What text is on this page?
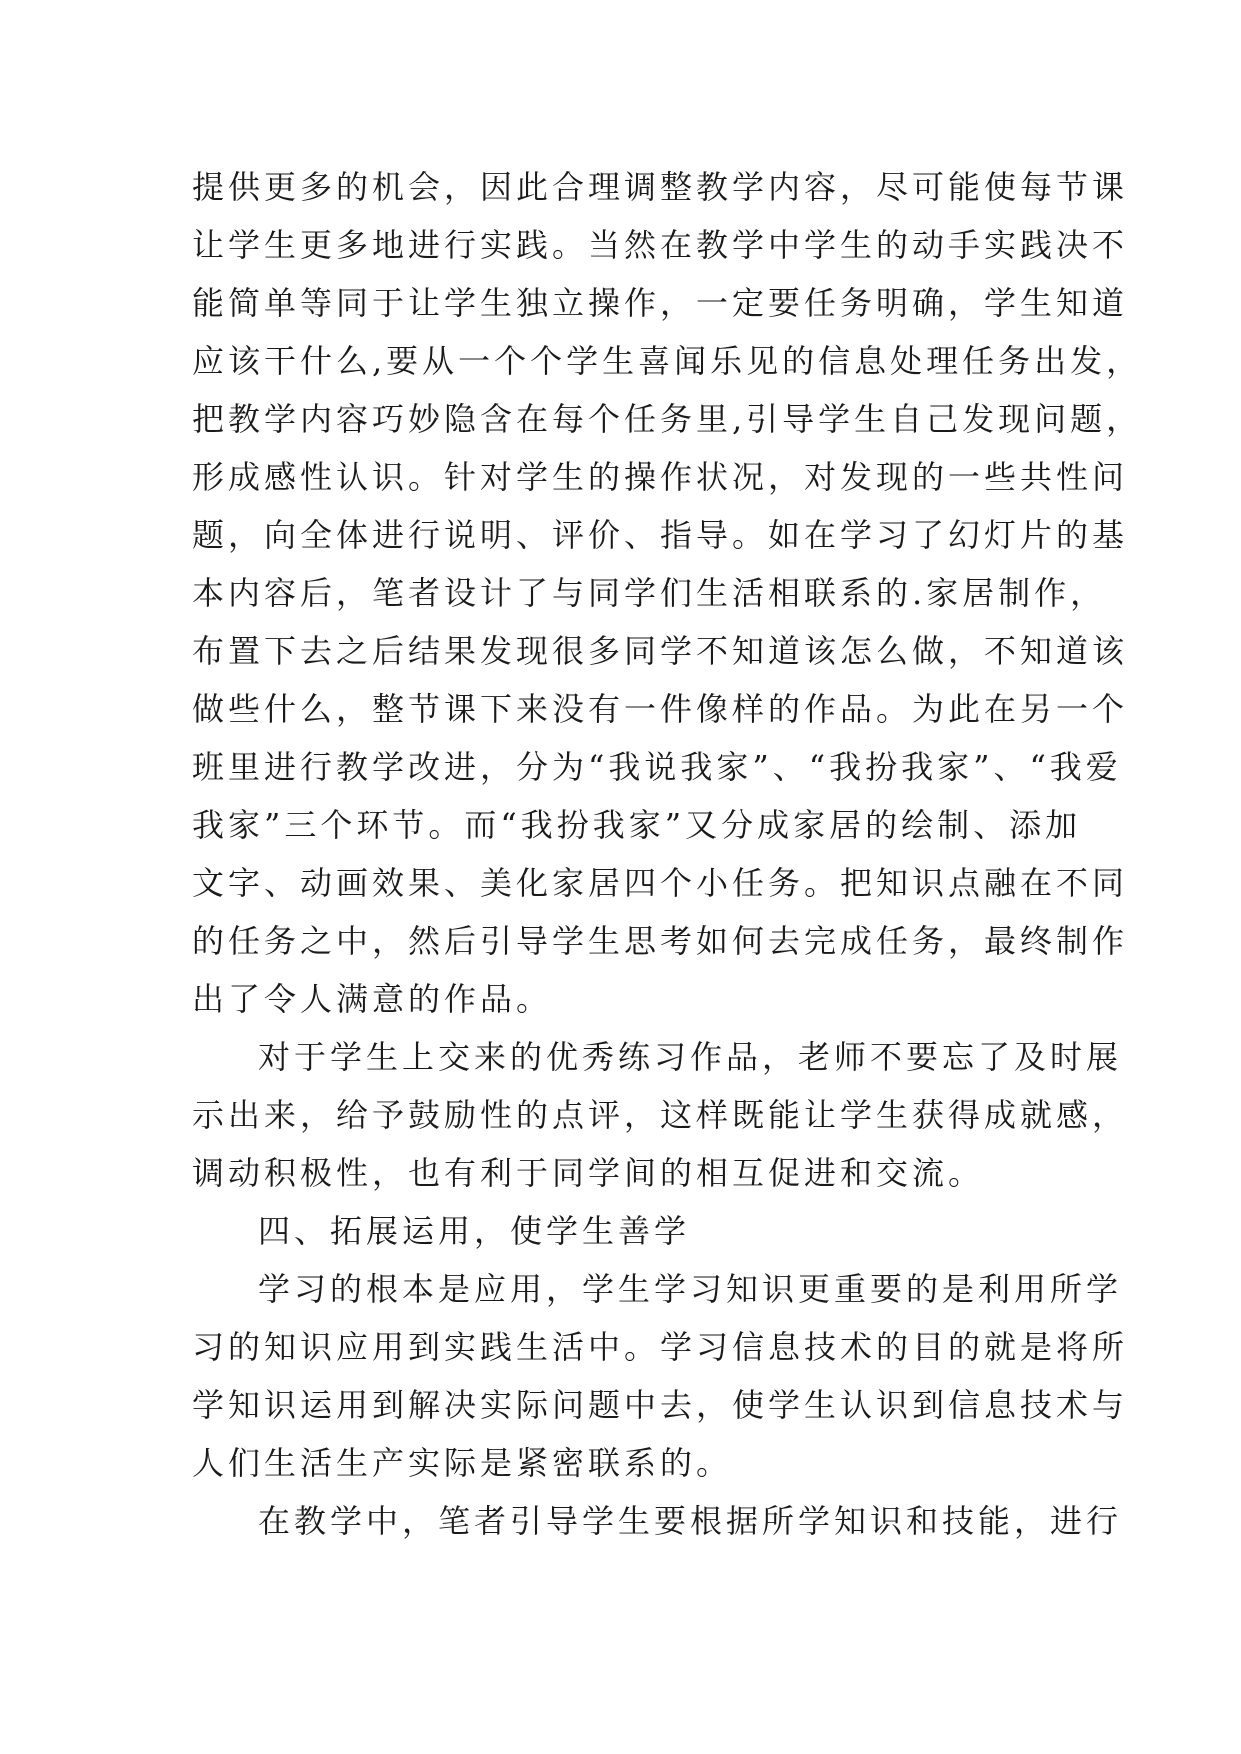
提供更多的机会，因此合理调整教学内容，尽可能使每节课
让学生更多地进行实践。当然在教学中学生的动手实践决不
能简单等同于让学生独立操作，一定要任务明确，学生知道
应该干什么,要从一个个学生喜闻乐见的信息处理任务出发，
把教学内容巧妙隐含在每个任务里,引导学生自己发现问题，
形成感性认识。针对学生的操作状况，对发现的一些共性问
题，向全体进行说明、评价、指导。如在学习了幻灯片的基
本内容后，笔者设计了与同学们生活相联系的.家居制作，
布置下去之后结果发现很多同学不知道该怎么做，不知道该
做些什么，整节课下来没有一件像样的作品。为此在另一个
班里进行教学改进，分为“我说我家”、“我扮我家”、“我爱
我家”三个环节。而“我扮我家”又分成家居的绘制、添加
文字、动画效果、美化家居四个小任务。把知识点融在不同
的任务之中，然后引导学生思考如何去完成任务，最终制作
出了令人满意的作品。
对于学生上交来的优秀练习作品，老师不要忘了及时展
示出来，给予鼓励性的点评，这样既能让学生获得成就感，
调动积极性，也有利于同学间的相互促进和交流。
四、拓展运用，使学生善学
学习的根本是应用，学生学习知识更重要的是利用所学
习的知识应用到实践生活中。学习信息技术的目的就是将所
学知识运用到解决实际问题中去，使学生认识到信息技术与
人们生活生产实际是紧密联系的。
在教学中，笔者引导学生要根据所学知识和技能，进行
